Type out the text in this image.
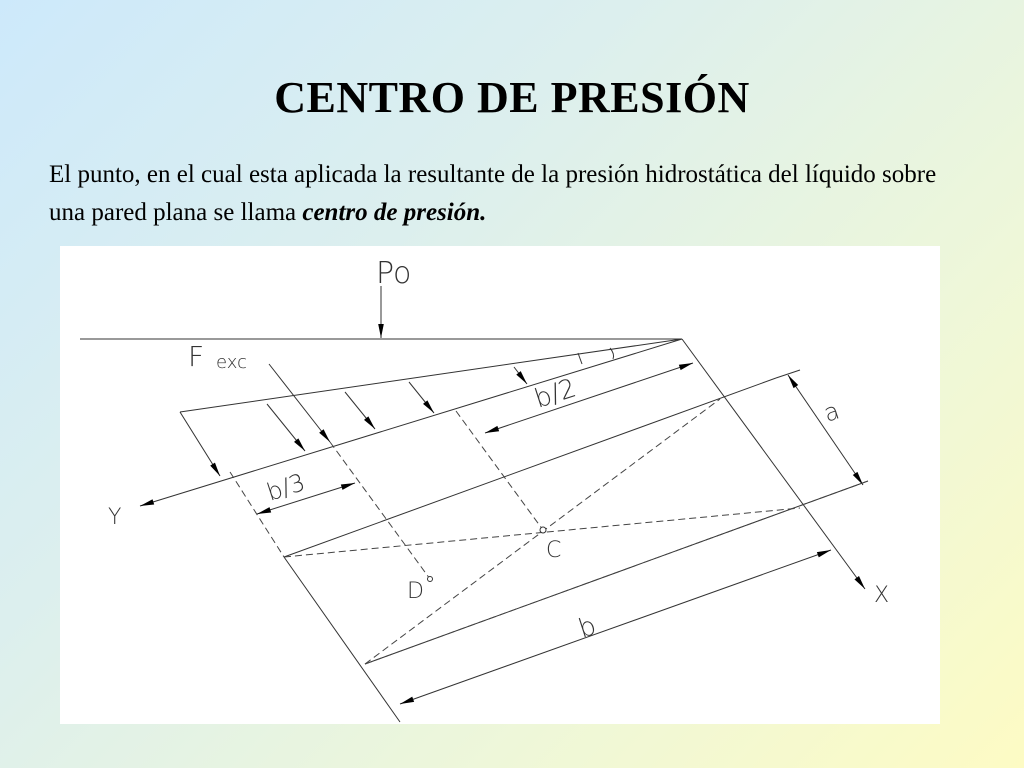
CENTRO DE PRESIÓN
El punto, en el cual esta aplicada la resultante de la presión hidrostática del líquido sobre una pared plana se llama centro de presión.
Po
F exc
b/2
b/3
a
b
Y
X
C
D
